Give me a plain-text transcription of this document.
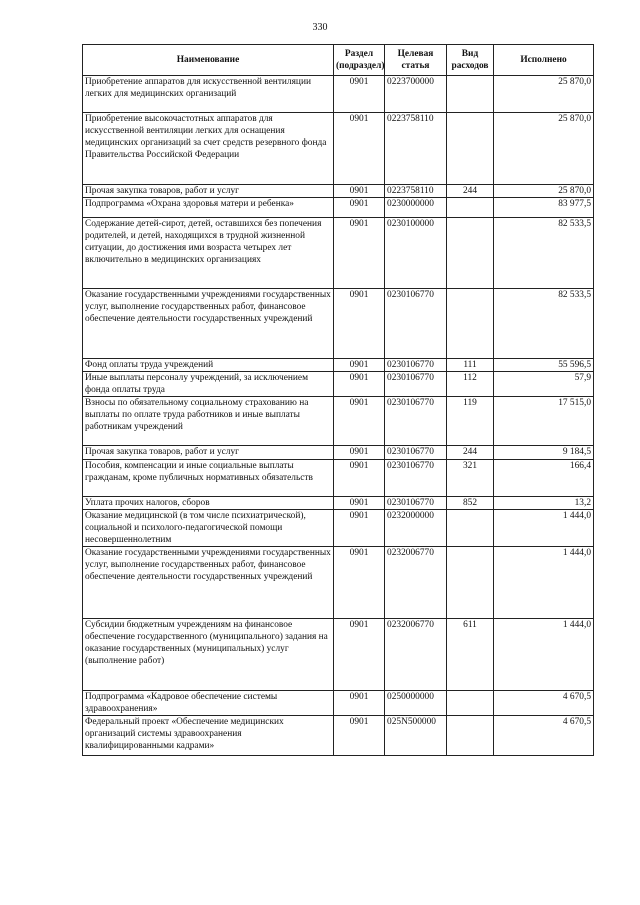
330
Наименование	Раздел (подраздел)	Целевая статья	Вид расходов	Исполнено
Приобретение аппаратов для искусственной вентиляции легких для медицинских организаций	0901	0223700000		25 870,0
Приобретение высокочастотных аппаратов для искусственной вентиляции легких для оснащения медицинских организаций за счет средств резервного фонда Правительства Российской Федерации	0901	0223758110		25 870,0
Прочая закупка товаров, работ и услуг	0901	0223758110	244	25 870,0
Подпрограмма «Охрана здоровья матери и ребенка»	0901	0230000000		83 977,5
Содержание детей-сирот, детей, оставшихся без попечения родителей, и детей, находящихся в трудной жизненной ситуации, до достижения ими возраста четырех лет включительно в медицинских организациях	0901	0230100000		82 533,5
Оказание государственными учреждениями государственных услуг, выполнение государственных работ, финансовое обеспечение деятельности государственных учреждений	0901	0230106770		82 533,5
Фонд оплаты труда учреждений	0901	0230106770	111	55 596,5
Иные выплаты персоналу учреждений, за исключением фонда оплаты труда	0901	0230106770	112	57,9
Взносы по обязательному социальному страхованию на выплаты по оплате труда работников и иные выплаты работникам учреждений	0901	0230106770	119	17 515,0
Прочая закупка товаров, работ и услуг	0901	0230106770	244	9 184,5
Пособия, компенсации и иные социальные выплаты гражданам, кроме публичных нормативных обязательств	0901	0230106770	321	166,4
Уплата прочих налогов, сборов	0901	0230106770	852	13,2
Оказание медицинской (в том числе психиатрической), социальной и психолого-педагогической помощи несовершеннолетним	0901	0232000000		1 444,0
Оказание государственными учреждениями государственных услуг, выполнение государственных работ, финансовое обеспечение деятельности государственных учреждений	0901	0232006770		1 444,0
Субсидии бюджетным учреждениям на финансовое обеспечение государственного (муниципального) задания на оказание государственных (муниципальных) услуг (выполнение работ)	0901	0232006770	611	1 444,0
Подпрограмма «Кадровое обеспечение системы здравоохранения»	0901	0250000000		4 670,5
Федеральный проект «Обеспечение медицинских организаций системы здравоохранения квалифицированными кадрами»	0901	025N500000		4 670,5
